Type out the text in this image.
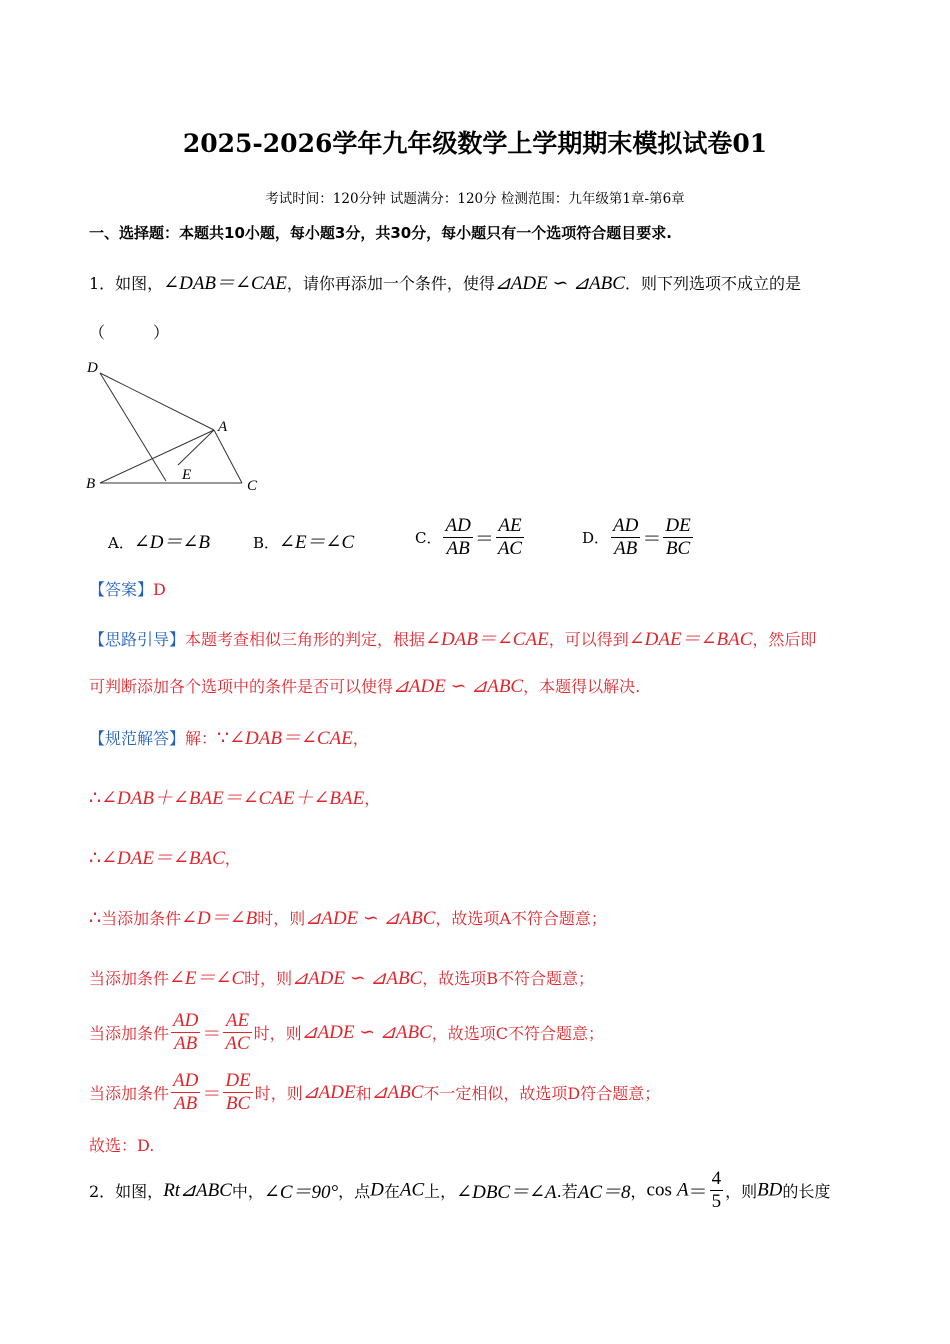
2025-2026学年九年级数学上学期期末模拟试卷01
考试时间：120分钟 试题满分：120分 检测范围：九年级第1章-第6章
一、选择题：本题共10小题，每小题3分，共30分，每小题只有一个选项符合题目要求.
1．如图，∠DAB＝∠CAE，请你再添加一个条件，使得⊿ADE ∽ ⊿ABC．则下列选项不成立的是
（　　　）
D
A
B
E
C
A．∠D＝∠B	B．∠E＝∠C	C． $\frac{AD}{AB} = \frac{AE}{AC}$	D． $\frac{AD}{AB} = \frac{DE}{BC}$
【答案】D
【思路引导】本题考查相似三角形的判定，根据∠DAB＝∠CAE，可以得到∠DAE＝∠BAC，然后即
可判断添加各个选项中的条件是否可以使得⊿ADE ∽ ⊿ABC，本题得以解决.
【规范解答】解：∵∠DAB＝∠CAE，
∴∠DAB＋∠BAE＝∠CAE＋∠BAE，
∴∠DAE＝∠BAC，
∴当添加条件∠D＝∠B时，则⊿ADE ∽ ⊿ABC，故选项A不符合题意；
当添加条件∠E＝∠C时，则⊿ADE ∽ ⊿ABC，故选项B不符合题意；
当添加条件 $\frac{AD}{AB} = \frac{AE}{AC}$ 时，则⊿ADE ∽ ⊿ABC，故选项C不符合题意；
当添加条件 $\frac{AD}{AB} = \frac{DE}{BC}$ 时，则⊿ADE和⊿ABC不一定相似，故选项D符合题意；
故选：D.
2．如图，Rt⊿ABC中，∠C＝90°，点D在AC上，∠DBC＝∠A.若AC＝8，$\cos A= \frac{4}{5}$ ，则BD的长度
